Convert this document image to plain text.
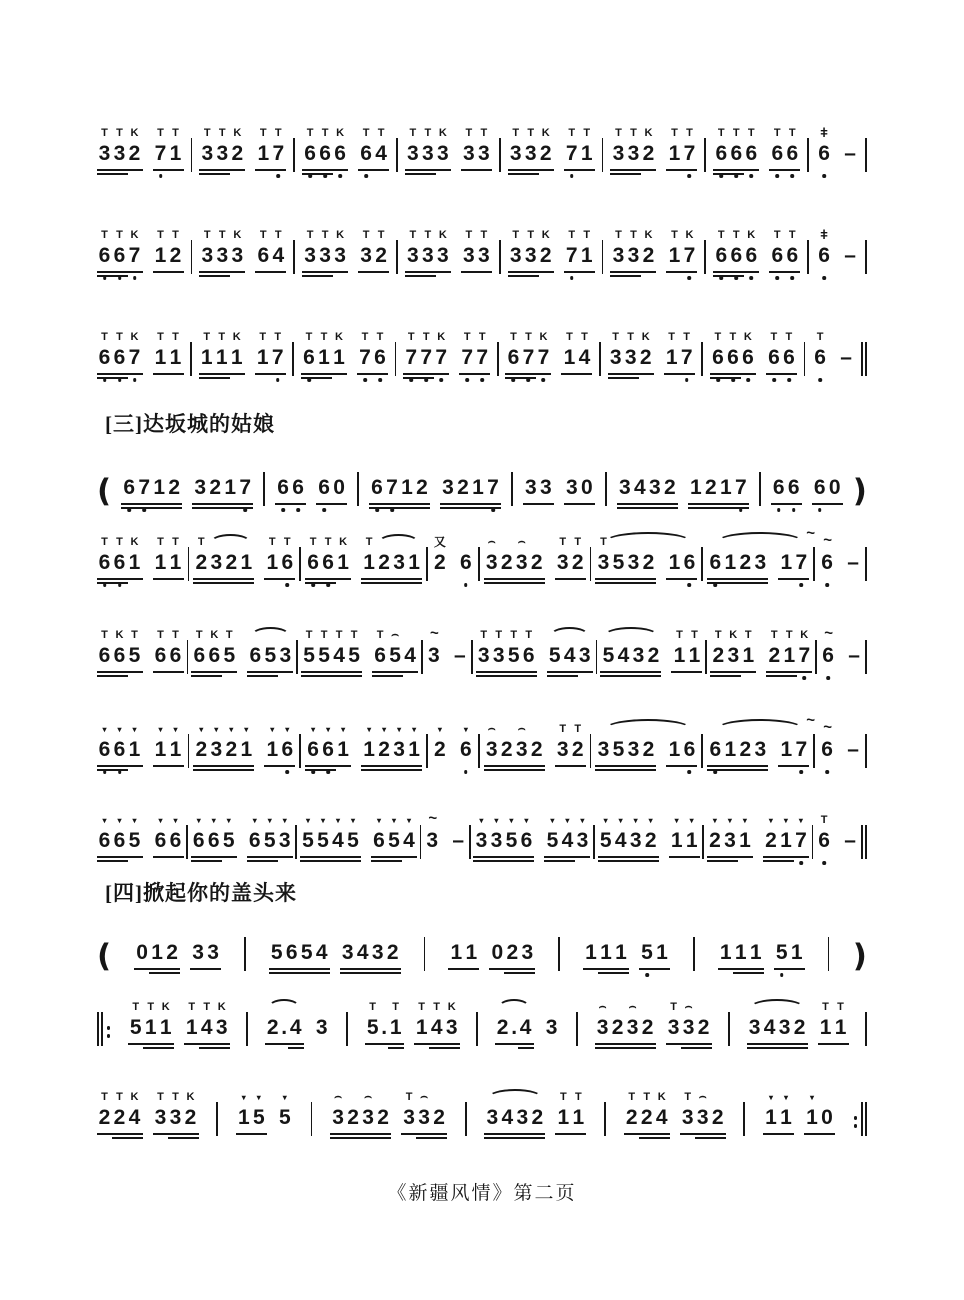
T
3
T
3
K
2
T
7
T
1
T
3
T
3
K
2
T
1
T
7
T
6
T
6
K
6
T
6
T
4
T
3
T
3
K
3
T
3
T
3
T
3
T
3
K
2
T
7
T
1
T
3
T
3
K
2
T
1
T
7
T
6
T
6
T
6
T
6
T
6
ǂ
6
–
T
6
T
6
K
7
T
1
T
2
T
3
T
3
K
3
T
6
T
4
T
3
T
3
K
3
T
3
T
2
T
3
T
3
K
3
T
3
T
3
T
3
T
3
K
2
T
7
T
1
T
3
T
3
K
2
T
1
K
7
T
6
T
6
K
6
T
6
T
6
ǂ
6
–
T
6
T
6
K
7
T
1
T
1
T
1
T
1
K
1
T
1
T
7
T
6
T
1
K
1
T
7
T
6
T
7
T
7
K
7
T
7
T
7
T
6
T
7
K
7
T
1
T
4
T
3
T
3
K
2
T
1
T
7
T
6
T
6
K
6
T
6
T
6
T
6
–
[三]达坂城的姑娘
(
6
7
1
2
3
2
1
7
6
6
6
0
6
7
1
2
3
2
1
7
3
3
3
0
3
4
3
2
1
2
1
7
6
6
6
0 )
T
6
T
6
K
1
T
1
T
1
T
2
3
2
1
T
1
T
6
T
6
T
6
K
1
T
1
2
3
1
又
2
6
⌢
3
2
⌢
3
2
T
3
T
2
T
3
5
3
2
1
6
~

6
1
2
3
1
7
~
6
–
T
6
K
6
T
5
T
6
T
6
T
6
K
6
T
5
6
5
3
T
5
T
5
T
4
T
5
T
6
⌢
5
4
~
3
–
T
3
T
3
T
5
T
6
5
4
3
5
4
3
2
T
1
T
1
T
2
K
3
T
1
T
2
T
1
K
7
~
6
–
▾
6
▾
6
▾
1
▾
1
▾
1
▾
2
▾
3
▾
2
▾
1
▾
1
▾
6
▾
6
▾
6
▾
1
▾
1
▾
2
▾
3
▾
1
▾
2
▾
6
⌢
3
2
⌢
3
2
T
3
T
2
3
5
3
2
1
6
~

6
1
2
3
1
7
~
6
–
▾
6
▾
6
▾
5
▾
6
▾
6
▾
6
▾
6
▾
5
▾
6
▾
5
▾
3
▾
5
▾
5
▾
4
▾
5
▾
6
▾
5
▾
4
~
3
–
▾
3
▾
3
▾
5
▾
6
▾
5
▾
4
▾
3
▾
5
▾
4
▾
3
▾
2
▾
1
▾
1
▾
2
▾
3
▾
1
▾
2
▾
1
▾
7
T
6
–
[四]掀起你的盖头来
(
0
1
2
3
3
5
6
5
4
3
4
3
2
1
1
0
2
3
1
1
1
5
1
1
1
1
5
1 )
T
5
T
1
K
1
T
1
T
4
K
3
2
.
4
3
T
5
.
T
1
T
1
T
4
K
3
2
.
4
3
⌢
3
2
⌢
3
2
T
3
⌢
3
2
3
4
3
2
T
1
T
1
T
2
T
2
K
4
T
3
T
3
K
2
▾
1
▾
5
▾
5
⌢
3
2
⌢
3
2
T
3
⌢
3
2
3
4
3
2
T
1
T
1
T
2
T
2
K
4
T
3
⌢
3
2
▾
1
▾
1
▾
1
0
《新疆风情》第二页
